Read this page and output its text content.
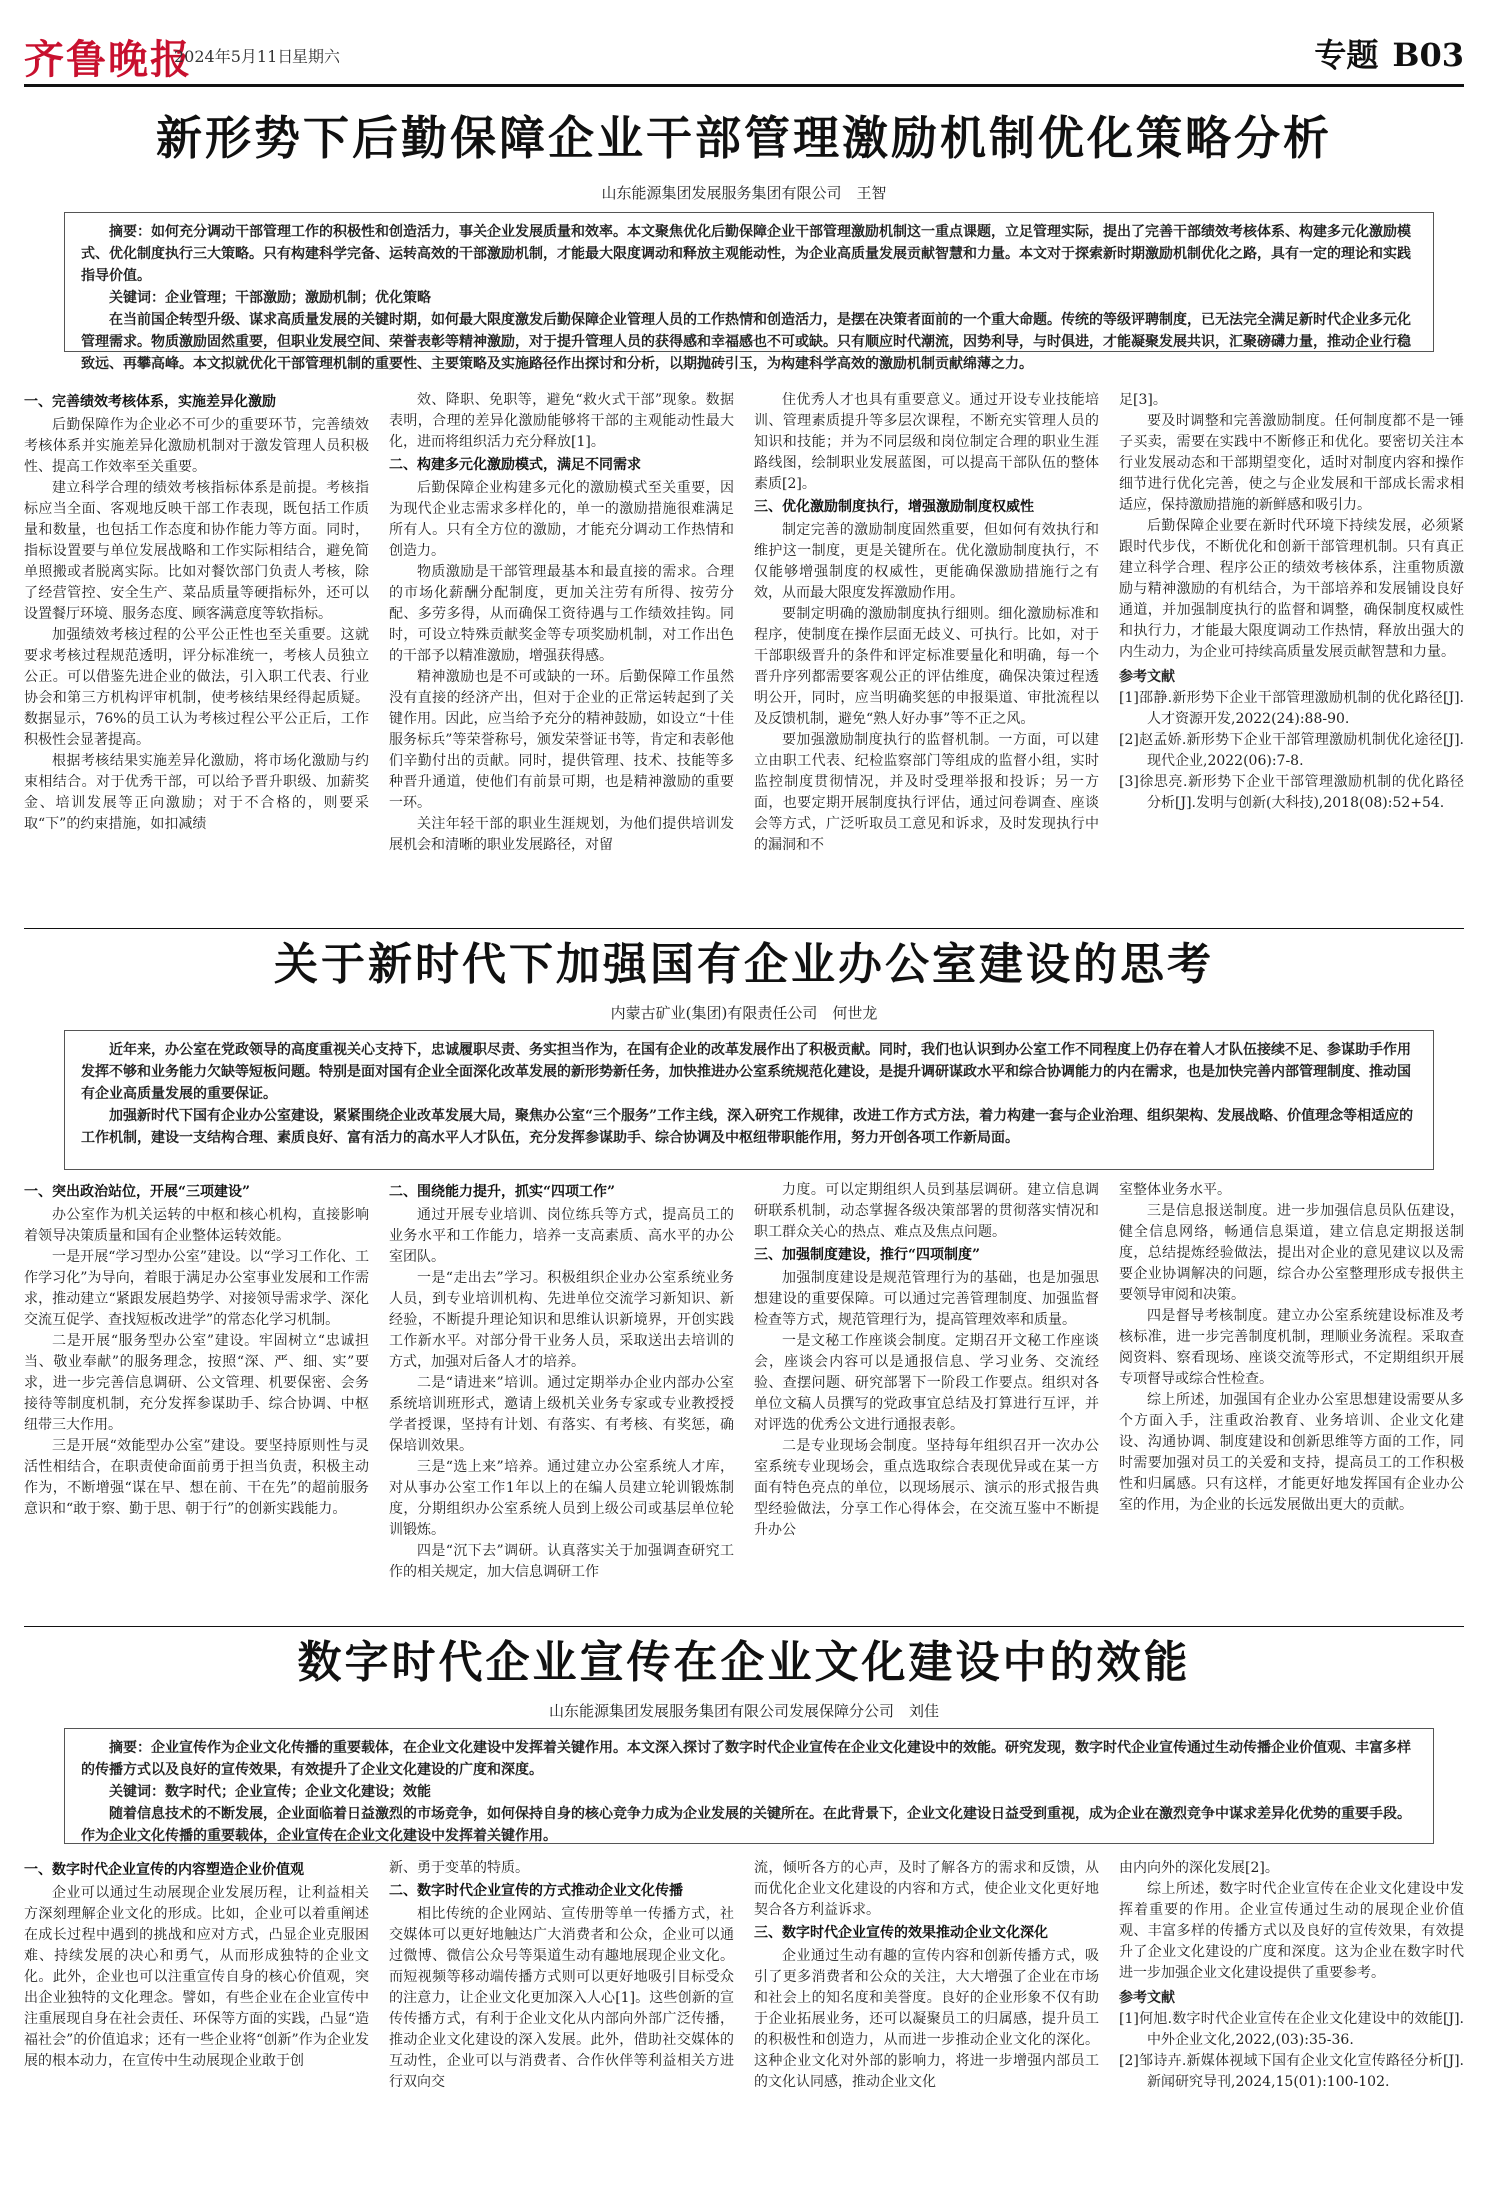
齐鲁晚报
2024年5月11日
星期六	专题 B03
新形势下后勤保障企业干部管理激励机制优化策略分析
山东能源集团发展服务集团有限公司　王智

摘要：如何充分调动干部管理工作的积极性和创造活力，事关企业发展质量和效率。本文聚焦优化后勤保障企业干部管理激励机制这一重点课题，立足管理实际，提出了完善干部绩效考核体系、构建多元化激励模式、优化制度执行三大策略。只有构建科学完备、运转高效的干部激励机制，才能最大限度调动和释放主观能动性，为企业高质量发展贡献智慧和力量。本文对于探索新时期激励机制优化之路，具有一定的理论和实践指导价值。

关键词：企业管理；干部激励；激励机制；优化策略

在当前国企转型升级、谋求高质量发展的关键时期，如何最大限度激发后勤保障企业管理人员的工作热情和创造活力，是摆在决策者面前的一个重大命题。传统的等级评聘制度，已无法完全满足新时代企业多元化管理需求。物质激励固然重要，但职业发展空间、荣誉表彰等精神激励，对于提升管理人员的获得感和幸福感也不可或缺。只有顺应时代潮流，因势利导，与时俱进，才能凝聚发展共识，汇聚磅礴力量，推动企业行稳致远、再攀高峰。本文拟就优化干部管理机制的重要性、主要策略及实施路径作出探讨和分析，以期抛砖引玉，为构建科学高效的激励机制贡献绵薄之力。

一、完善绩效考核体系，实施差异化激励

后勤保障作为企业必不可少的重要环节，完善绩效考核体系并实施差异化激励机制对于激发管理人员积极性、提高工作效率至关重要。

建立科学合理的绩效考核指标体系是前提。考核指标应当全面、客观地反映干部工作表现，既包括工作质量和数量，也包括工作态度和协作能力等方面。同时，指标设置要与单位发展战略和工作实际相结合，避免简单照搬或者脱离实际。比如对餐饮部门负责人考核，除了经营管控、安全生产、菜品质量等硬指标外，还可以设置餐厅环境、服务态度、顾客满意度等软指标。

加强绩效考核过程的公平公正性也至关重要。这就要求考核过程规范透明，评分标准统一，考核人员独立公正。可以借鉴先进企业的做法，引入职工代表、行业协会和第三方机构评审机制，使考核结果经得起质疑。数据显示，76%的员工认为考核过程公平公正后，工作积极性会显著提高。

根据考核结果实施差异化激励，将市场化激励与约束相结合。对于优秀干部，可以给予晋升职级、加薪奖金、培训发展等正向激励；对于不合格的，则要采取“下”的约束措施，如扣减绩

效、降职、免职等，避免“救火式干部”现象。数据表明，合理的差异化激励能够将干部的主观能动性最大化，进而将组织活力充分释放[1]。

二、构建多元化激励模式，满足不同需求

后勤保障企业构建多元化的激励模式至关重要，因为现代企业志需求多样化的，单一的激励措施很难满足所有人。只有全方位的激励，才能充分调动工作热情和创造力。

物质激励是干部管理最基本和最直接的需求。合理的市场化薪酬分配制度，更加关注劳有所得、按劳分配、多劳多得，从而确保工资待遇与工作绩效挂钩。同时，可设立特殊贡献奖金等专项奖励机制，对工作出色的干部予以精准激励，增强获得感。

精神激励也是不可或缺的一环。后勤保障工作虽然没有直接的经济产出，但对于企业的正常运转起到了关键作用。因此，应当给予充分的精神鼓励，如设立“十佳服务标兵”等荣誉称号，颁发荣誉证书等，肯定和表彰他们辛勤付出的贡献。同时，提供管理、技术、技能等多种晋升通道，使他们有前景可期，也是精神激励的重要一环。

关注年轻干部的职业生涯规划，为他们提供培训发展机会和清晰的职业发展路径，对留

住优秀人才也具有重要意义。通过开设专业技能培训、管理素质提升等多层次课程，不断充实管理人员的知识和技能；并为不同层级和岗位制定合理的职业生涯路线图，绘制职业发展蓝图，可以提高干部队伍的整体素质[2]。

三、优化激励制度执行，增强激励制度权威性

制定完善的激励制度固然重要，但如何有效执行和维护这一制度，更是关键所在。优化激励制度执行，不仅能够增强制度的权威性，更能确保激励措施行之有效，从而最大限度发挥激励作用。

要制定明确的激励制度执行细则。细化激励标准和程序，使制度在操作层面无歧义、可执行。比如，对于干部职级晋升的条件和评定标准要量化和明确，每一个晋升序列都需要客观公正的评估维度，确保决策过程透明公开，同时，应当明确奖惩的申报渠道、审批流程以及反馈机制，避免“熟人好办事”等不正之风。

要加强激励制度执行的监督机制。一方面，可以建立由职工代表、纪检监察部门等组成的监督小组，实时监控制度贯彻情况，并及时受理举报和投诉；另一方面，也要定期开展制度执行评估，通过问卷调查、座谈会等方式，广泛听取员工意见和诉求，及时发现执行中的漏洞和不

足[3]。

要及时调整和完善激励制度。任何制度都不是一锤子买卖，需要在实践中不断修正和优化。要密切关注本行业发展动态和干部期望变化，适时对制度内容和操作细节进行优化完善，使之与企业发展和干部成长需求相适应，保持激励措施的新鲜感和吸引力。

后勤保障企业要在新时代环境下持续发展，必须紧跟时代步伐，不断优化和创新干部管理机制。只有真正建立科学合理、程序公正的绩效考核体系，注重物质激励与精神激励的有机结合，为干部培养和发展铺设良好通道，并加强制度执行的监督和调整，确保制度权威性和执行力，才能最大限度调动工作热情，释放出强大的内生动力，为企业可持续高质量发展贡献智慧和力量。

参考文献

[1]邵静.新形势下企业干部管理激励机制的优化路径[J].人才资源开发,2022(24):88-90.

[2]赵孟娇.新形势下企业干部管理激励机制优化途径[J].现代企业,2022(06):7-8.

[3]徐思亮.新形势下企业干部管理激励机制的优化路径分析[J].发明与创新(大科技),2018(08):52+54.

关于新时代下加强国有企业办公室建设的思考
内蒙古矿业(集团)有限责任公司　何世龙

近年来，办公室在党政领导的高度重视关心支持下，忠诚履职尽责、务实担当作为，在国有企业的改革发展作出了积极贡献。同时，我们也认识到办公室工作不同程度上仍存在着人才队伍接续不足、参谋助手作用发挥不够和业务能力欠缺等短板问题。特别是面对国有企业全面深化改革发展的新形势新任务，加快推进办公室系统规范化建设，是提升调研谋政水平和综合协调能力的内在需求，也是加快完善内部管理制度、推动国有企业高质量发展的重要保证。

加强新时代下国有企业办公室建设，紧紧围绕企业改革发展大局，聚焦办公室“三个服务”工作主线，深入研究工作规律，改进工作方式方法，着力构建一套与企业治理、组织架构、发展战略、价值理念等相适应的工作机制，建设一支结构合理、素质良好、富有活力的高水平人才队伍，充分发挥参谋助手、综合协调及中枢纽带职能作用，努力开创各项工作新局面。

一、突出政治站位，开展“三项建设”

办公室作为机关运转的中枢和核心机构，直接影响着领导决策质量和国有企业整体运转效能。

一是开展“学习型办公室”建设。以“学习工作化、工作学习化”为导向，着眼于满足办公室事业发展和工作需求，推动建立“紧跟发展趋势学、对接领导需求学、深化交流互促学、查找短板改进学”的常态化学习机制。

二是开展“服务型办公室”建设。牢固树立“忠诚担当、敬业奉献”的服务理念，按照“深、严、细、实”要求，进一步完善信息调研、公文管理、机要保密、会务接待等制度机制，充分发挥参谋助手、综合协调、中枢纽带三大作用。

三是开展“效能型办公室”建设。要坚持原则性与灵活性相结合，在职责使命面前勇于担当负责，积极主动作为，不断增强“谋在早、想在前、干在先”的超前服务意识和“敢于察、勤于思、朝于行”的创新实践能力。

二、围绕能力提升，抓实“四项工作”

通过开展专业培训、岗位练兵等方式，提高员工的业务水平和工作能力，培养一支高素质、高水平的办公室团队。

一是“走出去”学习。积极组织企业办公室系统业务人员，到专业培训机构、先进单位交流学习新知识、新经验，不断提升理论知识和思维认识新境界，开创实践工作新水平。对部分骨干业务人员，采取送出去培训的方式，加强对后备人才的培养。

二是“请进来”培训。通过定期举办企业内部办公室系统培训班形式，邀请上级机关业务专家或专业教授授学者授课，坚持有计划、有落实、有考核、有奖惩，确保培训效果。

三是“选上来”培养。通过建立办公室系统人才库，对从事办公室工作1年以上的在编人员建立轮训锻炼制度，分期组织办公室系统人员到上级公司或基层单位轮训锻炼。

四是“沉下去”调研。认真落实关于加强调查研究工作的相关规定，加大信息调研工作

力度。可以定期组织人员到基层调研。建立信息调研联系机制，动态掌握各级决策部署的贯彻落实情况和职工群众关心的热点、难点及焦点问题。

三、加强制度建设，推行“四项制度”

加强制度建设是规范管理行为的基础，也是加强思想建设的重要保障。可以通过完善管理制度、加强监督检查等方式，规范管理行为，提高管理效率和质量。

一是文秘工作座谈会制度。定期召开文秘工作座谈会，座谈会内容可以是通报信息、学习业务、交流经验、查摆问题、研究部署下一阶段工作要点。组织对各单位文稿人员撰写的党政事宜总结及打算进行互评，并对评选的优秀公文进行通报表彰。

二是专业现场会制度。坚持每年组织召开一次办公室系统专业现场会，重点选取综合表现优异或在某一方面有特色亮点的单位，以现场展示、演示的形式报告典型经验做法，分享工作心得体会，在交流互鉴中不断提升办公

室整体业务水平。

三是信息报送制度。进一步加强信息员队伍建设，健全信息网络，畅通信息渠道，建立信息定期报送制度，总结提炼经验做法，提出对企业的意见建议以及需要企业协调解决的问题，综合办公室整理形成专报供主要领导审阅和决策。

四是督导考核制度。建立办公室系统建设标准及考核标准，进一步完善制度机制，理顺业务流程。采取查阅资料、察看现场、座谈交流等形式，不定期组织开展专项督导或综合性检查。

综上所述，加强国有企业办公室思想建设需要从多个方面入手，注重政治教育、业务培训、企业文化建设、沟通协调、制度建设和创新思维等方面的工作，同时需要加强对员工的关爱和支持，提高员工的工作积极性和归属感。只有这样，才能更好地发挥国有企业办公室的作用，为企业的长远发展做出更大的贡献。

数字时代企业宣传在企业文化建设中的效能
山东能源集团发展服务集团有限公司发展保障分公司　刘佳

摘要：企业宣传作为企业文化传播的重要载体，在企业文化建设中发挥着关键作用。本文深入探讨了数字时代企业宣传在企业文化建设中的效能。研究发现，数字时代企业宣传通过生动传播企业价值观、丰富多样的传播方式以及良好的宣传效果，有效提升了企业文化建设的广度和深度。

关键词：数字时代；企业宣传；企业文化建设；效能

随着信息技术的不断发展，企业面临着日益激烈的市场竞争，如何保持自身的核心竞争力成为企业发展的关键所在。在此背景下，企业文化建设日益受到重视，成为企业在激烈竞争中谋求差异化优势的重要手段。作为企业文化传播的重要载体，企业宣传在企业文化建设中发挥着关键作用。

一、数字时代企业宣传的内容塑造企业价值观

企业可以通过生动展现企业发展历程，让利益相关方深刻理解企业文化的形成。比如，企业可以着重阐述在成长过程中遇到的挑战和应对方式，凸显企业克服困难、持续发展的决心和勇气，从而形成独特的企业文化。此外，企业也可以注重宣传自身的核心价值观，突出企业独特的文化理念。譬如，有些企业在企业宣传中注重展现自身在社会责任、环保等方面的实践，凸显“造福社会”的价值追求；还有一些企业将“创新”作为企业发展的根本动力，在宣传中生动展现企业敢于创

新、勇于变革的特质。

二、数字时代企业宣传的方式推动企业文化传播

相比传统的企业网站、宣传册等单一传播方式，社交媒体可以更好地触达广大消费者和公众，企业可以通过微博、微信公众号等渠道生动有趣地展现企业文化。而短视频等移动端传播方式则可以更好地吸引目标受众的注意力，让企业文化更加深入人心[1]。这些创新的宣传传播方式，有利于企业文化从内部向外部广泛传播，推动企业文化建设的深入发展。此外，借助社交媒体的互动性，企业可以与消费者、合作伙伴等利益相关方进行双向交

流，倾听各方的心声，及时了解各方的需求和反馈，从而优化企业文化建设的内容和方式，使企业文化更好地契合各方利益诉求。

三、数字时代企业宣传的效果推动企业文化深化

企业通过生动有趣的宣传内容和创新传播方式，吸引了更多消费者和公众的关注，大大增强了企业在市场和社会上的知名度和美誉度。良好的企业形象不仅有助于企业拓展业务，还可以凝聚员工的归属感，提升员工的积极性和创造力，从而进一步推动企业文化的深化。这种企业文化对外部的影响力，将进一步增强内部员工的文化认同感，推动企业文化

由内向外的深化发展[2]。

综上所述，数字时代企业宣传在企业文化建设中发挥着重要的作用。企业宣传通过生动的展现企业价值观、丰富多样的传播方式以及良好的宣传效果，有效提升了企业文化建设的广度和深度。这为企业在数字时代进一步加强企业文化建设提供了重要参考。

参考文献

[1]何旭.数字时代企业宣传在企业文化建设中的效能[J].中外企业文化,2022,(03):35-36.

[2]邹诗卉.新媒体视域下国有企业文化宣传路径分析[J].新闻研究导刊,2024,15(01):100-102.
